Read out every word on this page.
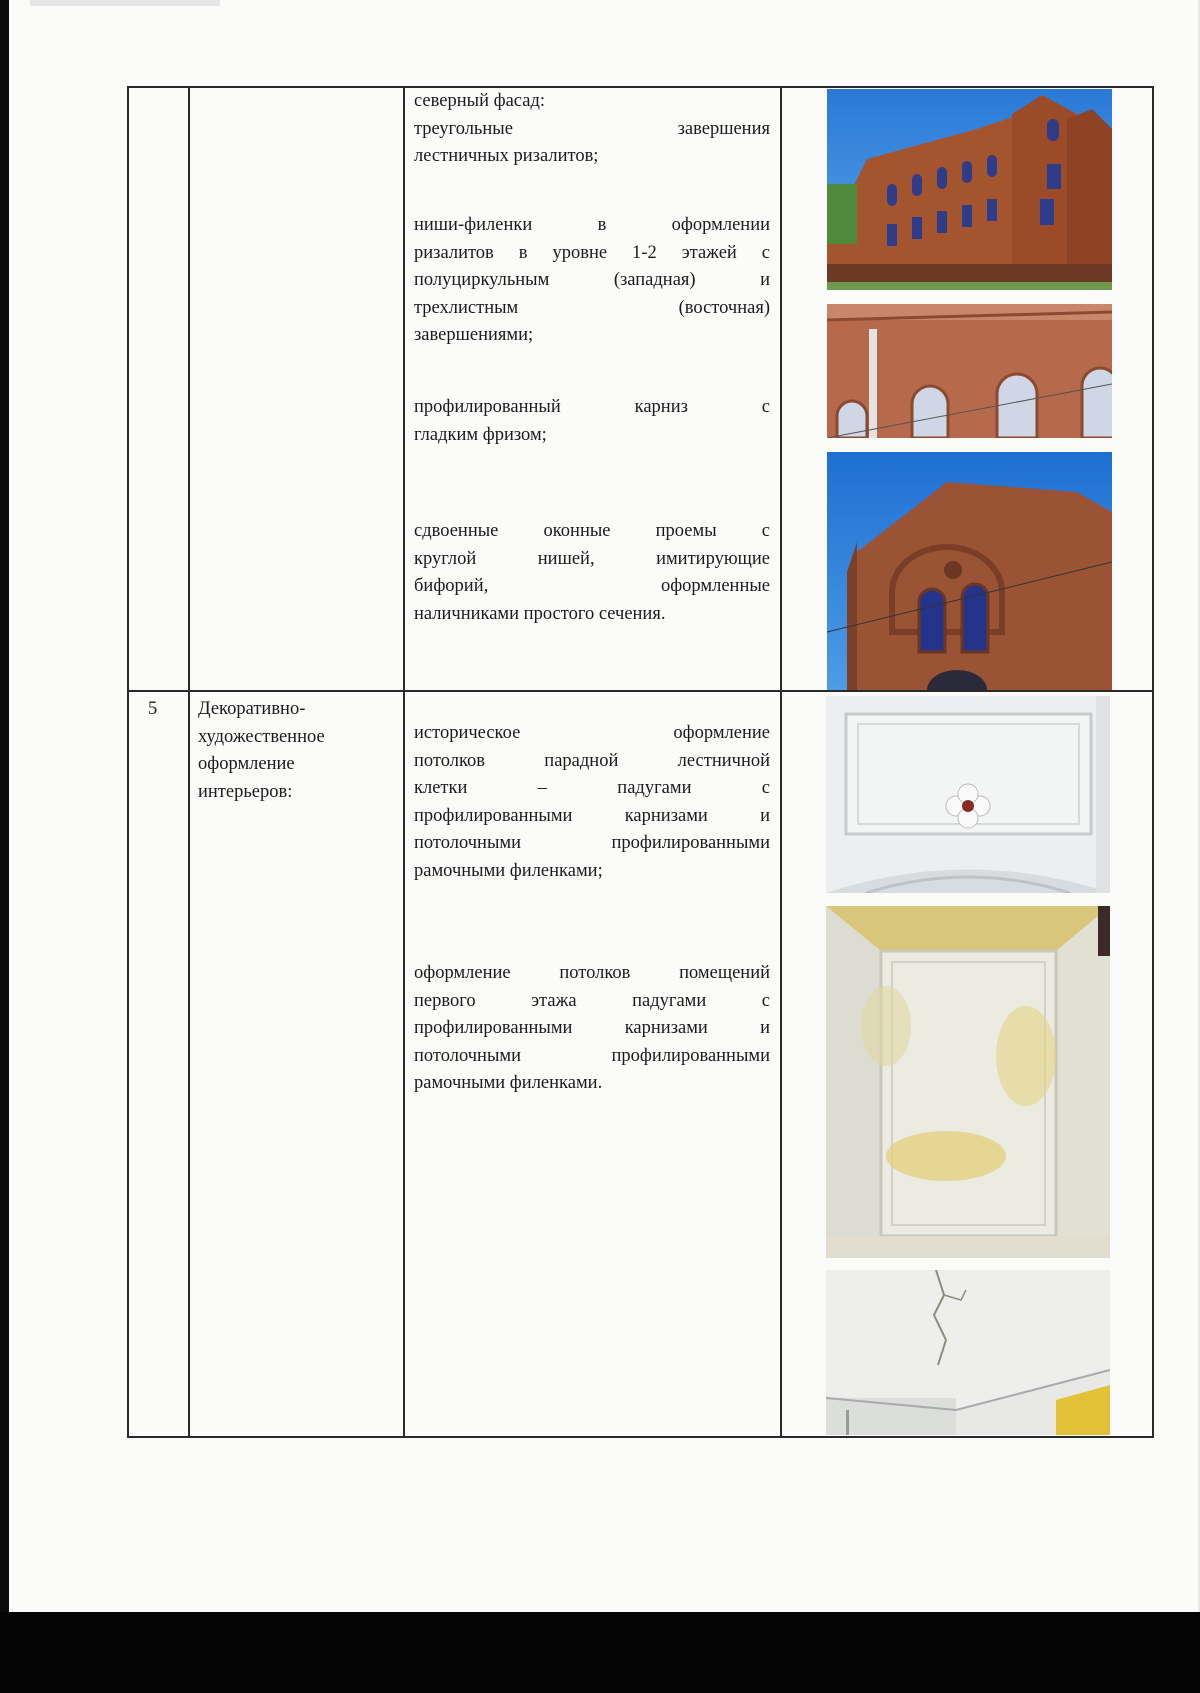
северный фасад:
треугольные завершения
лестничных ризалитов;
ниши-филенки в оформлении
ризалитов в уровне 1-2 этажей с
полуциркульным (западная) и
трехлистным (восточная)
завершениями;
профилированный карниз с
гладким фризом;
сдвоенные оконные проемы с
круглой нишей, имитирующие
бифорий, оформленные
наличниками простого сечения.
5	Декоративно-
художественное
оформление
интерьеров:
историческое оформление
потолков парадной лестничной
клетки – падугами с
профилированными карнизами и
потолочными профилированными
рамочными филенками;
оформление потолков помещений
первого этажа падугами с
профилированными карнизами и
потолочными профилированными
рамочными филенками.
